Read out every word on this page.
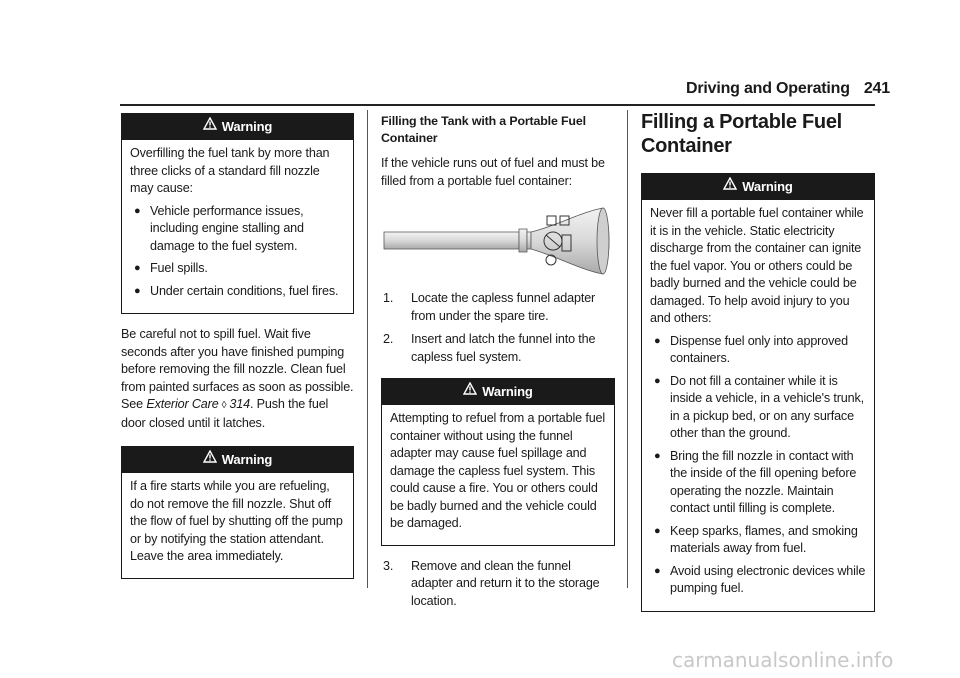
Driving and Operating 241
Warning

Overfilling the fuel tank by more than three clicks of a standard fill nozzle may cause:

● Vehicle performance issues, including engine stalling and damage to the fuel system.
● Fuel spills.
● Under certain conditions, fuel fires.

Be careful not to spill fuel. Wait five seconds after you have finished pumping before removing the fill nozzle. Clean fuel from painted surfaces as soon as possible. See Exterior Care ◊ 314. Push the fuel door closed until it latches.

Warning

If a fire starts while you are refueling, do not remove the fill nozzle. Shut off the flow of fuel by shutting off the pump or by notifying the station attendant. Leave the area immediately.

Filling the Tank with a Portable Fuel Container

If the vehicle runs out of fuel and must be filled from a portable fuel container:

1. Locate the capless funnel adapter from under the spare tire.
2. Insert and latch the funnel into the capless fuel system.
Warning

Attempting to refuel from a portable fuel container without using the funnel adapter may cause fuel spillage and damage the capless fuel system. This could cause a fire. You or others could be badly burned and the vehicle could be damaged.

3. Remove and clean the funnel adapter and return it to the storage location.

Filling a Portable Fuel Container

Warning

Never fill a portable fuel container while it is in the vehicle. Static electricity discharge from the container can ignite the fuel vapor. You or others could be badly burned and the vehicle could be damaged. To help avoid injury to you and others:

● Dispense fuel only into approved containers.
● Do not fill a container while it is inside a vehicle, in a vehicle's trunk, in a pickup bed, or on any surface other than the ground.
● Bring the fill nozzle in contact with the inside of the fill opening before operating the nozzle. Maintain contact until filling is complete.
● Keep sparks, flames, and smoking materials away from fuel.
● Avoid using electronic devices while pumping fuel.
carmanualsonline.info
